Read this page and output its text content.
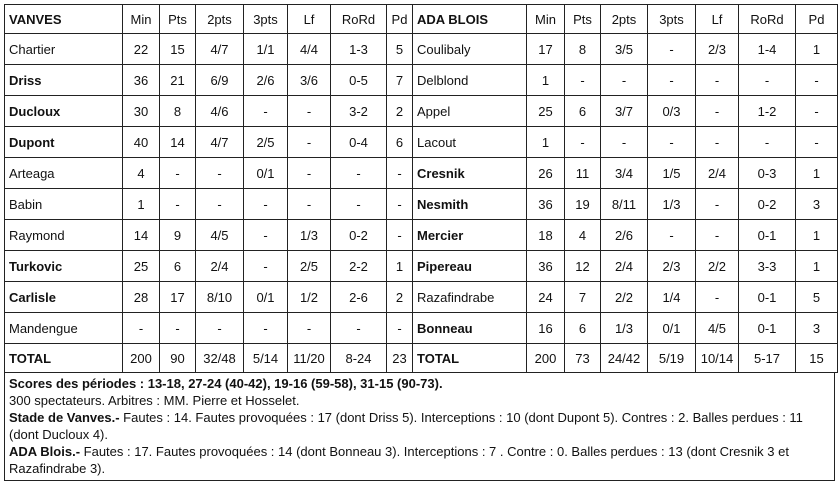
VANVES	Min	Pts	2pts	3pts	Lf	RoRd	Pd	ADA BLOIS	Min	Pts	2pts	3pts	Lf	RoRd	Pd
Chartier	22	15	4/7	1/1	4/4	1-3	5	Coulibaly	17	8	3/5	-	2/3	1-4	1
Driss	36	21	6/9	2/6	3/6	0-5	7	Delblond	1	-	-	-	-	-	-
Ducloux	30	8	4/6	-	-	3-2	2	Appel	25	6	3/7	0/3	-	1-2	-
Dupont	40	14	4/7	2/5	-	0-4	6	Lacout	1	-	-	-	-	-	-
Arteaga	4	-	-	0/1	-	-	-	Cresnik	26	11	3/4	1/5	2/4	0-3	1
Babin	1	-	-	-	-	-	-	Nesmith	36	19	8/11	1/3	-	0-2	3
Raymond	14	9	4/5	-	1/3	0-2	-	Mercier	18	4	2/6	-	-	0-1	1
Turkovic	25	6	2/4	-	2/5	2-2	1	Pipereau	36	12	2/4	2/3	2/2	3-3	1
Carlisle	28	17	8/10	0/1	1/2	2-6	2	Razafindrabe	24	7	2/2	1/4	-	0-1	5
Mandengue	-	-	-	-	-	-	-	Bonneau	16	6	1/3	0/1	4/5	0-1	3
TOTAL	200	90	32/48	5/14	11/20	8-24	23	TOTAL	200	73	24/42	5/19	10/14	5-17	15

Scores des périodes : 13-18, 27-24 (40-42), 19-16 (59-58), 31-15 (90-73).

300 spectateurs. Arbitres : MM. Pierre et Hosselet.

Stade de Vanves.- Fautes : 14. Fautes provoquées : 17 (dont Driss 5). Interceptions : 10 (dont Dupont 5). Contres : 2. Balles perdues : 11 (dont Ducloux 4).

ADA Blois.- Fautes : 17. Fautes provoquées : 14 (dont Bonneau 3). Interceptions : 7 . Contre : 0. Balles perdues : 13 (dont Cresnik 3 et Razafindrabe 3).
